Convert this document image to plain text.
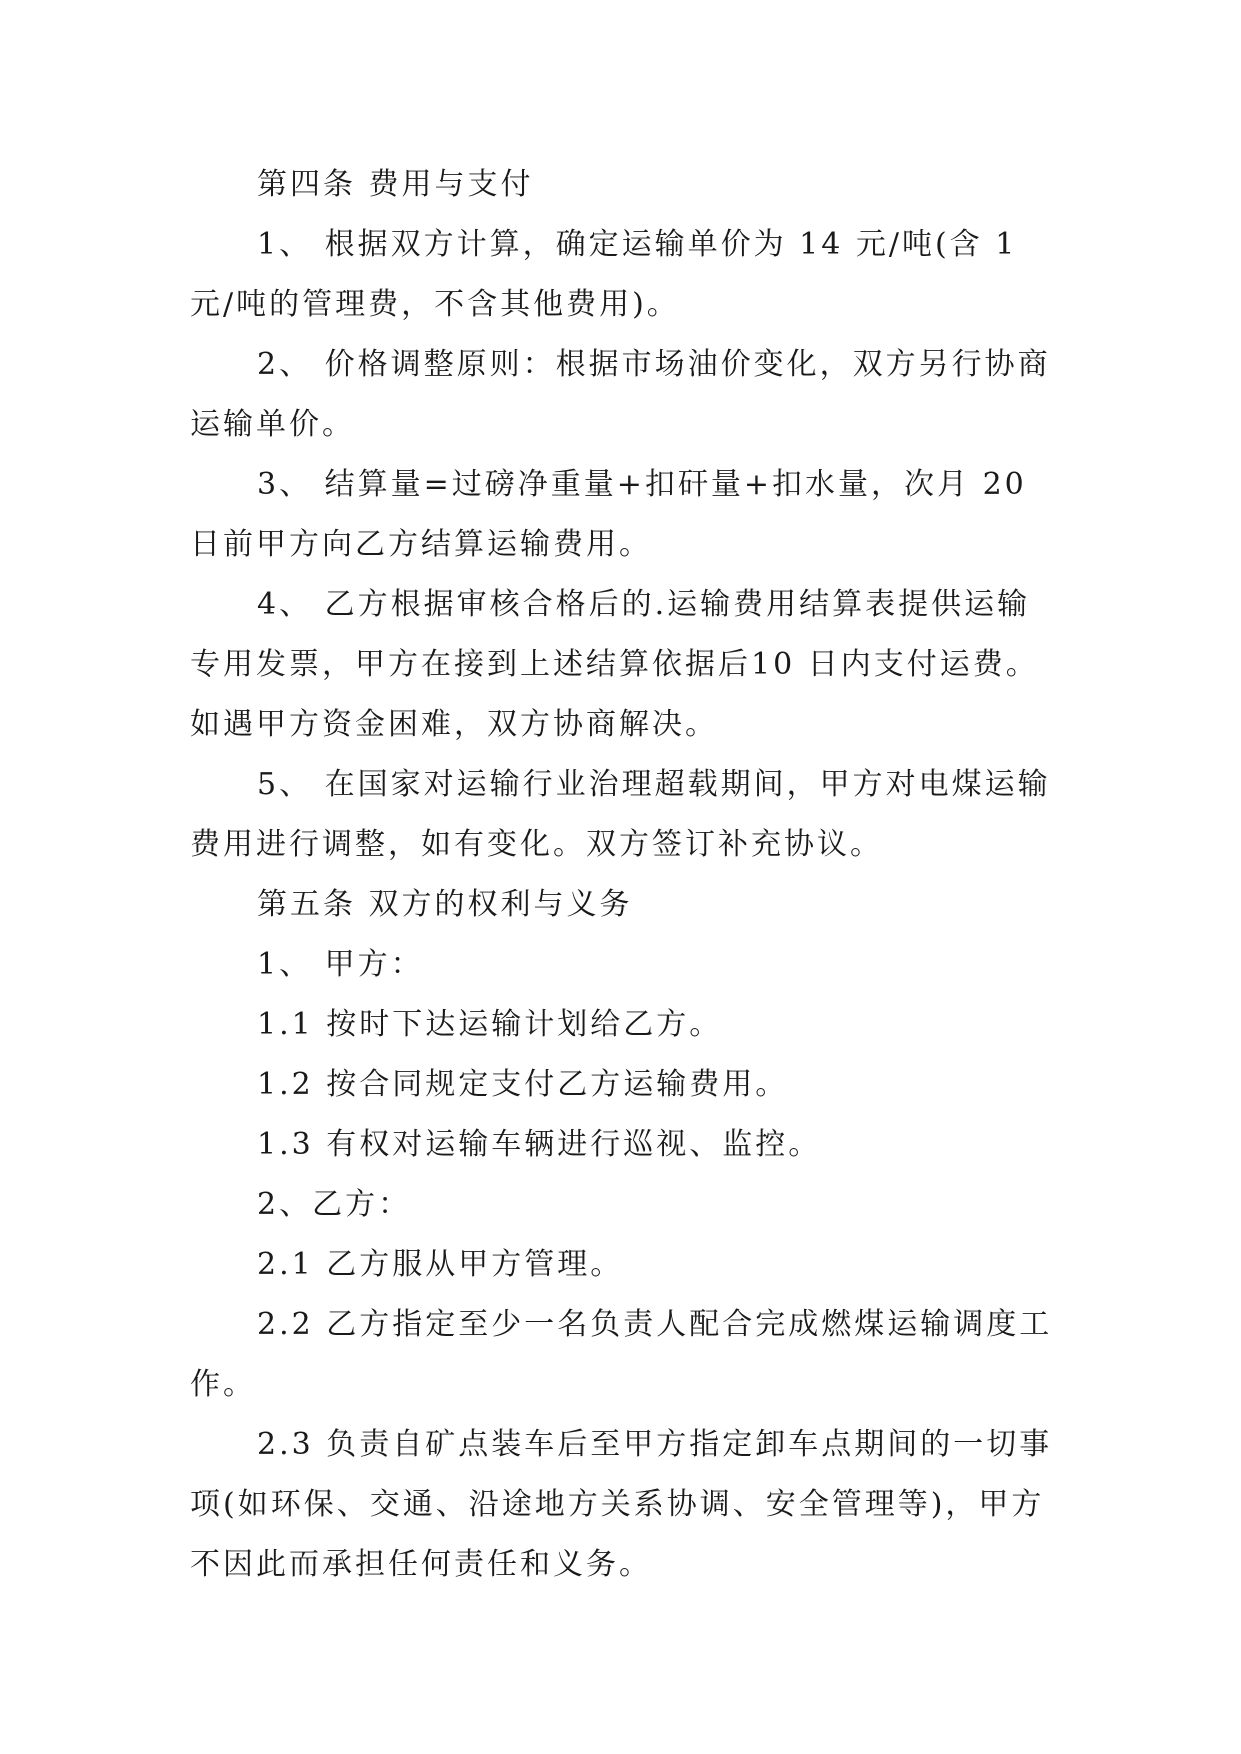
第四条 费用与支付

1、 根据双方计算，确定运输单价为 14 元/吨(含 1 元/吨的管理费，不含其他费用)。

2、 价格调整原则：根据市场油价变化，双方另行协商运输单价。

3、 结算量=过磅净重量+扣矸量+扣水量，次月 20 日前甲方向乙方结算运输费用。

4、 乙方根据审核合格后的.运输费用结算表提供运输专用发票，甲方在接到上述结算依据后10 日内支付运费。如遇甲方资金困难，双方协商解决。

5、 在国家对运输行业治理超载期间，甲方对电煤运输费用进行调整，如有变化。双方签订补充协议。

第五条 双方的权利与义务

1、 甲方：

1.1 按时下达运输计划给乙方。

1.2 按合同规定支付乙方运输费用。

1.3 有权对运输车辆进行巡视、监控。

2、乙方：

2.1 乙方服从甲方管理。

2.2 乙方指定至少一名负责人配合完成燃煤运输调度工作。

2.3 负责自矿点装车后至甲方指定卸车点期间的一切事项(如环保、交通、沿途地方关系协调、安全管理等)，甲方不因此而承担任何责任和义务。
